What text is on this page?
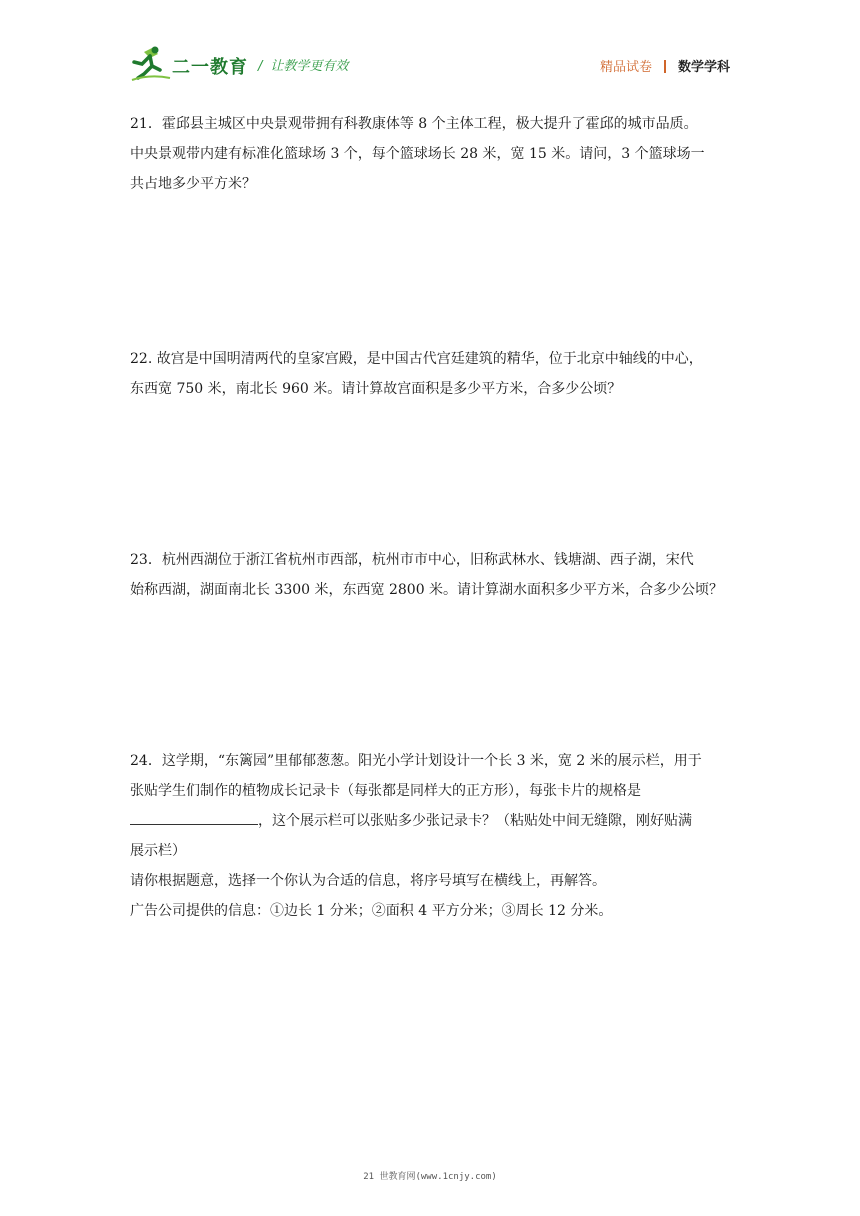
二一教育 / 让教学更有效	精品试卷 数学学科

21．霍邱县主城区中央景观带拥有科教康体等 8 个主体工程，极大提升了霍邱的城市品质。

中央景观带内建有标准化篮球场 3 个，每个篮球场长 28 米，宽 15 米。请问，3 个篮球场一

共占地多少平方米？

22. 故宫是中国明清两代的皇家宫殿，是中国古代宫廷建筑的精华，位于北京中轴线的中心，

东西宽 750 米，南北长 960 米。请计算故宫面积是多少平方米，合多少公顷？

23．杭州西湖位于浙江省杭州市西部，杭州市市中心，旧称武林水、钱塘湖、西子湖，宋代

始称西湖，湖面南北长 3300 米，东西宽 2800 米。请计算湖水面积多少平方米，合多少公顷？

24．这学期，“东篱园”里郁郁葱葱。阳光小学计划设计一个长 3 米，宽 2 米的展示栏，用于

张贴学生们制作的植物成长记录卡（每张都是同样大的正方形），每张卡片的规格是

，这个展示栏可以张贴多少张记录卡？（粘贴处中间无缝隙，刚好贴满

展示栏）

请你根据题意，选择一个你认为合适的信息，将序号填写在横线上，再解答。

广告公司提供的信息：①边长 1 分米；②面积 4 平方分米；③周长 12 分米。

21 世教育网(www.1cnjy.com)
